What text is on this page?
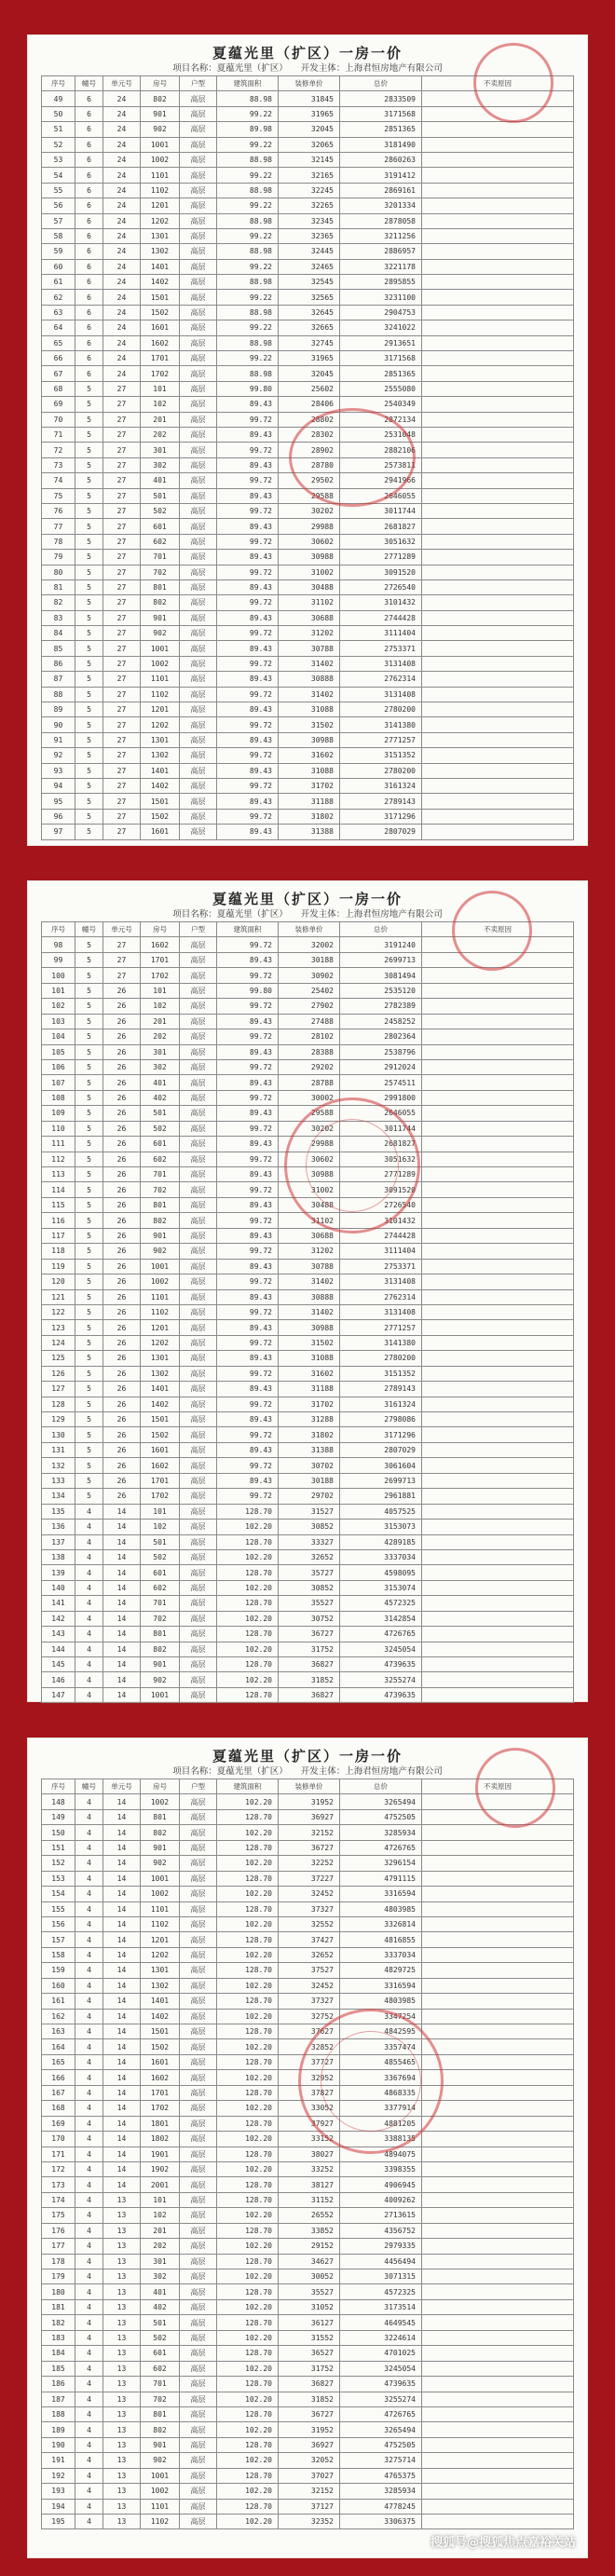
夏蕴光里（扩区）一房一价
项目名称：夏蕴光里（扩区） 开发主体：上海君恒房地产有限公司
序号	幢号	单元号	房号	户型	建筑面积	装修单价	总价	不卖原因
49	6	24	802	高层	88.98	31845	2833509	
50	6	24	901	高层	99.22	31965	3171568	
51	6	24	902	高层	89.98	32045	2851365	
52	6	24	1001	高层	99.22	32065	3181490	
53	6	24	1002	高层	88.98	32145	2860263	
54	6	24	1101	高层	99.22	32165	3191412	
55	6	24	1102	高层	88.98	32245	2869161	
56	6	24	1201	高层	99.22	32265	3201334	
57	6	24	1202	高层	88.98	32345	2878058	
58	6	24	1301	高层	99.22	32365	3211256	
59	6	24	1302	高层	88.98	32445	2886957	
60	6	24	1401	高层	99.22	32465	3221178	
61	6	24	1402	高层	88.98	32545	2895855	
62	6	24	1501	高层	99.22	32565	3231100	
63	6	24	1502	高层	88.98	32645	2904753	
64	6	24	1601	高层	99.22	32665	3241022	
65	6	24	1602	高层	88.98	32745	2913651	
66	6	24	1701	高层	99.22	31965	3171568	
67	6	24	1702	高层	88.98	32045	2851365	
68	5	27	101	高层	99.80	25602	2555080	
69	5	27	102	高层	89.43	28406	2540349	
70	5	27	201	高层	99.72	28802	2872134	
71	5	27	202	高层	89.43	28302	2531048	
72	5	27	301	高层	99.72	28902	2882106	
73	5	27	302	高层	89.43	28780	2573811	
74	5	27	401	高层	99.72	29502	2941966	
75	5	27	501	高层	89.43	29588	2646055	
76	5	27	502	高层	99.72	30202	3011744	
77	5	27	601	高层	89.43	29988	2681827	
78	5	27	602	高层	99.72	30602	3051632	
79	5	27	701	高层	89.43	30988	2771289	
80	5	27	702	高层	99.72	31002	3091520	
81	5	27	801	高层	89.43	30488	2726540	
82	5	27	802	高层	99.72	31102	3101432	
83	5	27	901	高层	89.43	30688	2744428	
84	5	27	902	高层	99.72	31202	3111404	
85	5	27	1001	高层	89.43	30788	2753371	
86	5	27	1002	高层	99.72	31402	3131408	
87	5	27	1101	高层	89.43	30888	2762314	
88	5	27	1102	高层	99.72	31402	3131408	
89	5	27	1201	高层	89.43	31088	2780200	
90	5	27	1202	高层	99.72	31502	3141380	
91	5	27	1301	高层	89.43	30988	2771257	
92	5	27	1302	高层	99.72	31602	3151352	
93	5	27	1401	高层	89.43	31088	2780200	
94	5	27	1402	高层	99.72	31702	3161324	
95	5	27	1501	高层	89.43	31188	2789143	
96	5	27	1502	高层	99.72	31802	3171296	
97	5	27	1601	高层	89.43	31388	2807029	
夏蕴光里（扩区）一房一价
项目名称：夏蕴光里（扩区） 开发主体：上海君恒房地产有限公司
序号	幢号	单元号	房号	户型	建筑面积	装修单价	总价	不卖原因
98	5	27	1602	高层	99.72	32002	3191240	
99	5	27	1701	高层	89.43	30188	2699713	
100	5	27	1702	高层	99.72	30902	3081494	
101	5	26	101	高层	99.80	25402	2535120	
102	5	26	102	高层	99.72	27902	2782389	
103	5	26	201	高层	89.43	27488	2458252	
104	5	26	202	高层	99.72	28102	2802364	
105	5	26	301	高层	89.43	28388	2538796	
106	5	26	302	高层	99.72	29202	2912024	
107	5	26	401	高层	89.43	28788	2574511	
108	5	26	402	高层	99.72	30002	2991800	
109	5	26	501	高层	89.43	29588	2646055	
110	5	26	502	高层	99.72	30202	3011744	
111	5	26	601	高层	89.43	29988	2681827	
112	5	26	602	高层	99.72	30602	3051632	
113	5	26	701	高层	89.43	30988	2771289	
114	5	26	702	高层	99.72	31002	3091520	
115	5	26	801	高层	89.43	30488	2726540	
116	5	26	802	高层	99.72	31102	3101432	
117	5	26	901	高层	89.43	30688	2744428	
118	5	26	902	高层	99.72	31202	3111404	
119	5	26	1001	高层	89.43	30788	2753371	
120	5	26	1002	高层	99.72	31402	3131408	
121	5	26	1101	高层	89.43	30888	2762314	
122	5	26	1102	高层	99.72	31402	3131408	
123	5	26	1201	高层	89.43	30988	2771257	
124	5	26	1202	高层	99.72	31502	3141380	
125	5	26	1301	高层	89.43	31088	2780200	
126	5	26	1302	高层	99.72	31602	3151352	
127	5	26	1401	高层	89.43	31188	2789143	
128	5	26	1402	高层	99.72	31702	3161324	
129	5	26	1501	高层	89.43	31288	2798086	
130	5	26	1502	高层	99.72	31802	3171296	
131	5	26	1601	高层	89.43	31388	2807029	
132	5	26	1602	高层	99.72	30702	3061604	
133	5	26	1701	高层	89.43	30188	2699713	
134	5	26	1702	高层	99.72	29702	2961881	
135	4	14	101	高层	128.70	31527	4057525	
136	4	14	102	高层	102.20	30852	3153073	
137	4	14	501	高层	128.70	33327	4289185	
138	4	14	502	高层	102.20	32652	3337034	
139	4	14	601	高层	128.70	35727	4598095	
140	4	14	602	高层	102.20	30852	3153074	
141	4	14	701	高层	128.70	35527	4572325	
142	4	14	702	高层	102.20	30752	3142854	
143	4	14	801	高层	128.70	36727	4726765	
144	4	14	802	高层	102.20	31752	3245054	
145	4	14	901	高层	128.70	36827	4739635	
146	4	14	902	高层	102.20	31852	3255274	
147	4	14	1001	高层	128.70	36827	4739635	
夏蕴光里（扩区）一房一价
项目名称：夏蕴光里（扩区） 开发主体：上海君恒房地产有限公司
序号	幢号	单元号	房号	户型	建筑面积	装修单价	总价	不卖原因
148	4	14	1002	高层	102.20	31952	3265494	
149	4	14	801	高层	128.70	36927	4752505	
150	4	14	802	高层	102.20	32152	3285934	
151	4	14	901	高层	128.70	36727	4726765	
152	4	14	902	高层	102.20	32252	3296154	
153	4	14	1001	高层	128.70	37227	4791115	
154	4	14	1002	高层	102.20	32452	3316594	
155	4	14	1101	高层	128.70	37327	4803985	
156	4	14	1102	高层	102.20	32552	3326814	
157	4	14	1201	高层	128.70	37427	4816855	
158	4	14	1202	高层	102.20	32652	3337034	
159	4	14	1301	高层	128.70	37527	4829725	
160	4	14	1302	高层	102.20	32452	3316594	
161	4	14	1401	高层	128.70	37327	4803985	
162	4	14	1402	高层	102.20	32752	3347254	
163	4	14	1501	高层	128.70	37627	4842595	
164	4	14	1502	高层	102.20	32852	3357474	
165	4	14	1601	高层	128.70	37727	4855465	
166	4	14	1602	高层	102.20	32952	3367694	
167	4	14	1701	高层	128.70	37827	4868335	
168	4	14	1702	高层	102.20	33052	3377914	
169	4	14	1801	高层	128.70	37927	4881205	
170	4	14	1802	高层	102.20	33152	3388135	
171	4	14	1901	高层	128.70	38027	4894075	
172	4	14	1902	高层	102.20	33252	3398355	
173	4	14	2001	高层	128.70	38127	4906945	
174	4	13	101	高层	128.70	31152	4009262	
175	4	13	102	高层	102.20	26552	2713615	
176	4	13	201	高层	128.70	33852	4356752	
177	4	13	202	高层	102.20	29152	2979335	
178	4	13	301	高层	128.70	34627	4456494	
179	4	13	302	高层	102.20	30052	3071315	
180	4	13	401	高层	128.70	35527	4572325	
181	4	13	402	高层	102.20	31052	3173514	
182	4	13	501	高层	128.70	36127	4649545	
183	4	13	502	高层	102.20	31552	3224614	
184	4	13	601	高层	128.70	36527	4701025	
185	4	13	602	高层	102.20	31752	3245054	
186	4	13	701	高层	128.70	36827	4739635	
187	4	13	702	高层	102.20	31852	3255274	
188	4	13	801	高层	128.70	36727	4726765	
189	4	13	802	高层	102.20	31952	3265494	
190	4	13	901	高层	128.70	36927	4752505	
191	4	13	902	高层	102.20	32052	3275714	
192	4	13	1001	高层	128.70	37027	4765375	
193	4	13	1002	高层	102.20	32152	3285934	
194	4	13	1101	高层	128.70	37127	4778245	
195	4	13	1102	高层	102.20	32352	3306375	
搜狐号@搜狐焦点嘉裕关站
